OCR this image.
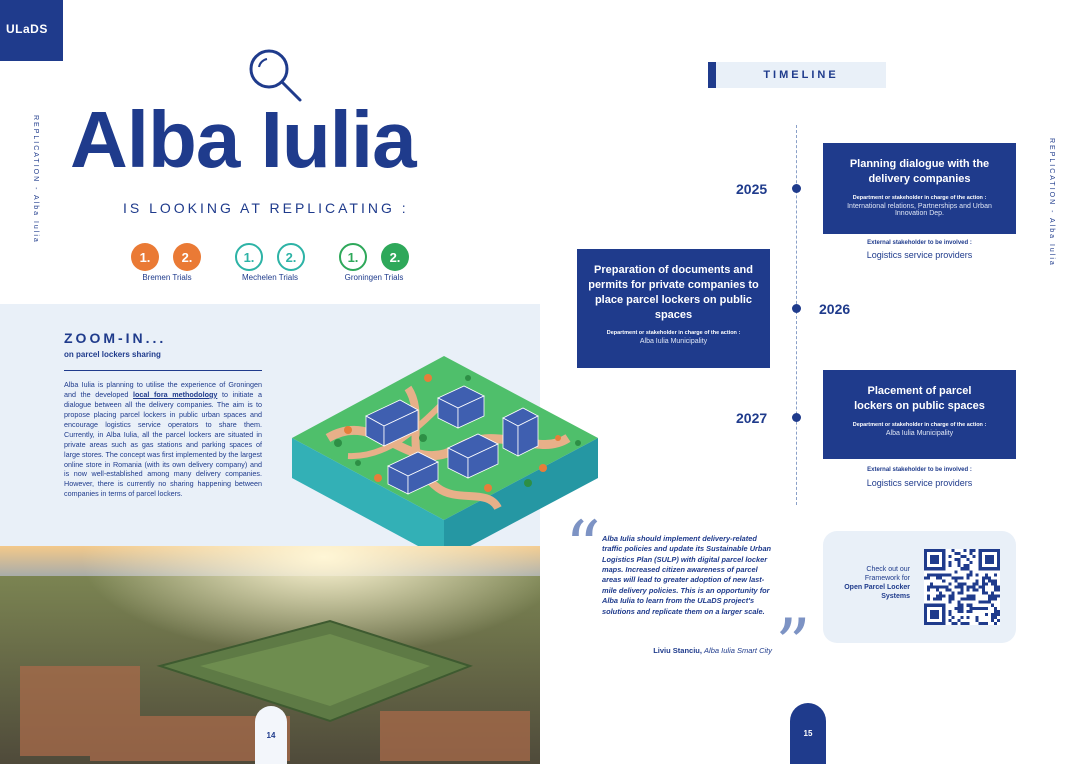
ULaDS
REPLICATION - Alba Iulia Alba Iulia
IS LOOKING AT REPLICATING :
1.	2.
Bremen Trials
1.	2.
Mechelen Trials
1.	2.
Groningen Trials
ZOOM-IN...
on parcel lockers sharing
Alba Iulia is planning to utilise the experience of Groningen and the developed local fora methodology to initiate a dialogue between all the delivery companies. The aim is to propose placing parcel lockers in public urban spaces and encourage logistics service operators to share them. Currently, in Alba Iulia, all the parcel lockers are situated in private areas such as gas stations and parking spaces of large stores. The concept was first implemented by the largest online store in Romania (with its own delivery company) and is now well-established among many delivery companies. However, there is currently no sharing happening between companies in terms of parcel lockers.
14
TIMELINE
REPLICATION - Alba Iulia
2025
Planning dialogue with the delivery companies
Department or stakeholder in charge of the action :
International relations, Partnerships and Urban Innovation Dep.
External stakeholder to be involved :
Logistics service providers
Preparation of documents and permits for private companies to place parcel lockers on public spaces
Department or stakeholder in charge of the action :
Alba Iulia Municipality
2026
2027
Placement of parcel lockers on public spaces
Department or stakeholder in charge of the action :
Alba Iulia Municipality
External stakeholder to be involved :
Logistics service providers
“ Alba Iulia should implement delivery-related traffic policies and update its Sustainable Urban Logistics Plan (SULP) with digital parcel locker maps. Increased citizen awareness of parcel areas will lead to greater adoption of new last-mile delivery policies. This is an opportunity for Alba Iulia to learn from the ULaDS project's solutions and replicate them on a larger scale.
Liviu Stanciu, Alba Iulia Smart City ”
Check out our Framework for
Open Parcel Locker Systems
15
